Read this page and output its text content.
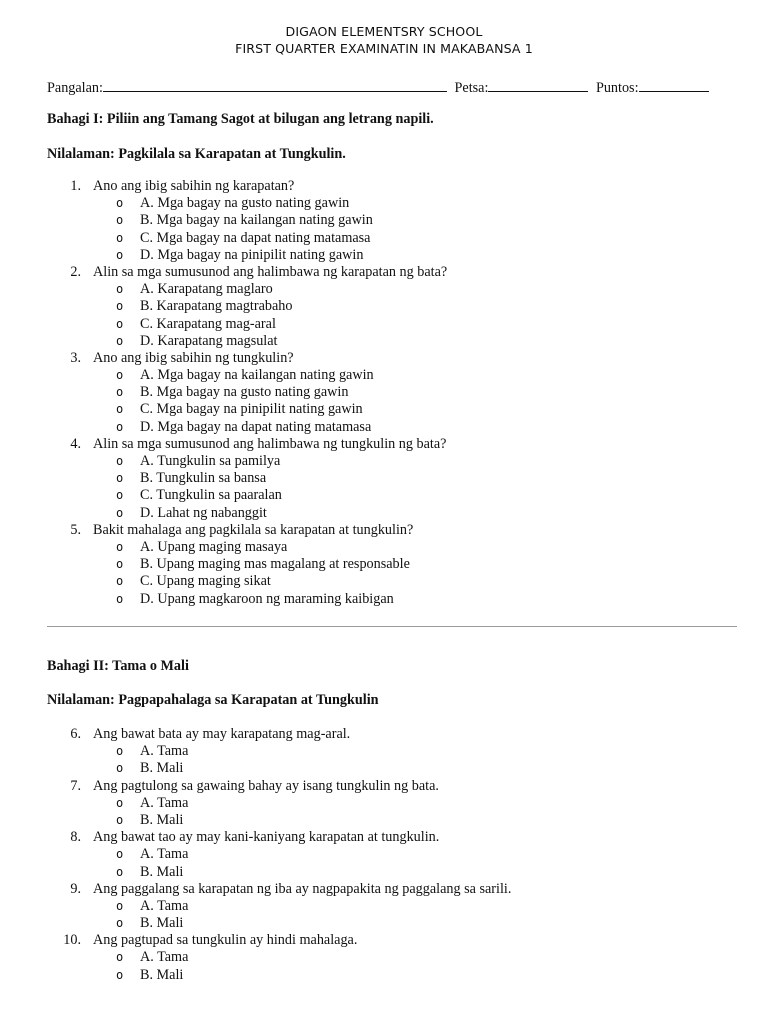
DIGAON ELEMENTSRY SCHOOL
FIRST QUARTER EXAMINATIN IN MAKABANSA 1
Pangalan:	Petsa:	Puntos:
Bahagi I: Piliin ang Tamang Sagot at bilugan ang letrang napili.
Nilalaman: Pagkilala sa Karapatan at Tungkulin.
1. Ano ang ibig sabihin ng karapatan?
o A. Mga bagay na gusto nating gawin
o B. Mga bagay na kailangan nating gawin
o C. Mga bagay na dapat nating matamasa
o D. Mga bagay na pinipilit nating gawin
2. Alin sa mga sumusunod ang halimbawa ng karapatan ng bata?
o A. Karapatang maglaro
o B. Karapatang magtrabaho
o C. Karapatang mag-aral
o D. Karapatang magsulat
3. Ano ang ibig sabihin ng tungkulin?
o A. Mga bagay na kailangan nating gawin
o B. Mga bagay na gusto nating gawin
o C. Mga bagay na pinipilit nating gawin
o D. Mga bagay na dapat nating matamasa
4. Alin sa mga sumusunod ang halimbawa ng tungkulin ng bata?
o A. Tungkulin sa pamilya
o B. Tungkulin sa bansa
o C. Tungkulin sa paaralan
o D. Lahat ng nabanggit
5. Bakit mahalaga ang pagkilala sa karapatan at tungkulin?
o A. Upang maging masaya
o B. Upang maging mas magalang at responsable
o C. Upang maging sikat
o D. Upang magkaroon ng maraming kaibigan
Bahagi II: Tama o Mali
Nilalaman: Pagpapahalaga sa Karapatan at Tungkulin
6. Ang bawat bata ay may karapatang mag-aral.
o A. Tama
o B. Mali
7. Ang pagtulong sa gawaing bahay ay isang tungkulin ng bata.
o A. Tama
o B. Mali
8. Ang bawat tao ay may kani-kaniyang karapatan at tungkulin.
o A. Tama
o B. Mali
9. Ang paggalang sa karapatan ng iba ay nagpapakita ng paggalang sa sarili.
o A. Tama
o B. Mali
10. Ang pagtupad sa tungkulin ay hindi mahalaga.
o A. Tama
o B. Mali
